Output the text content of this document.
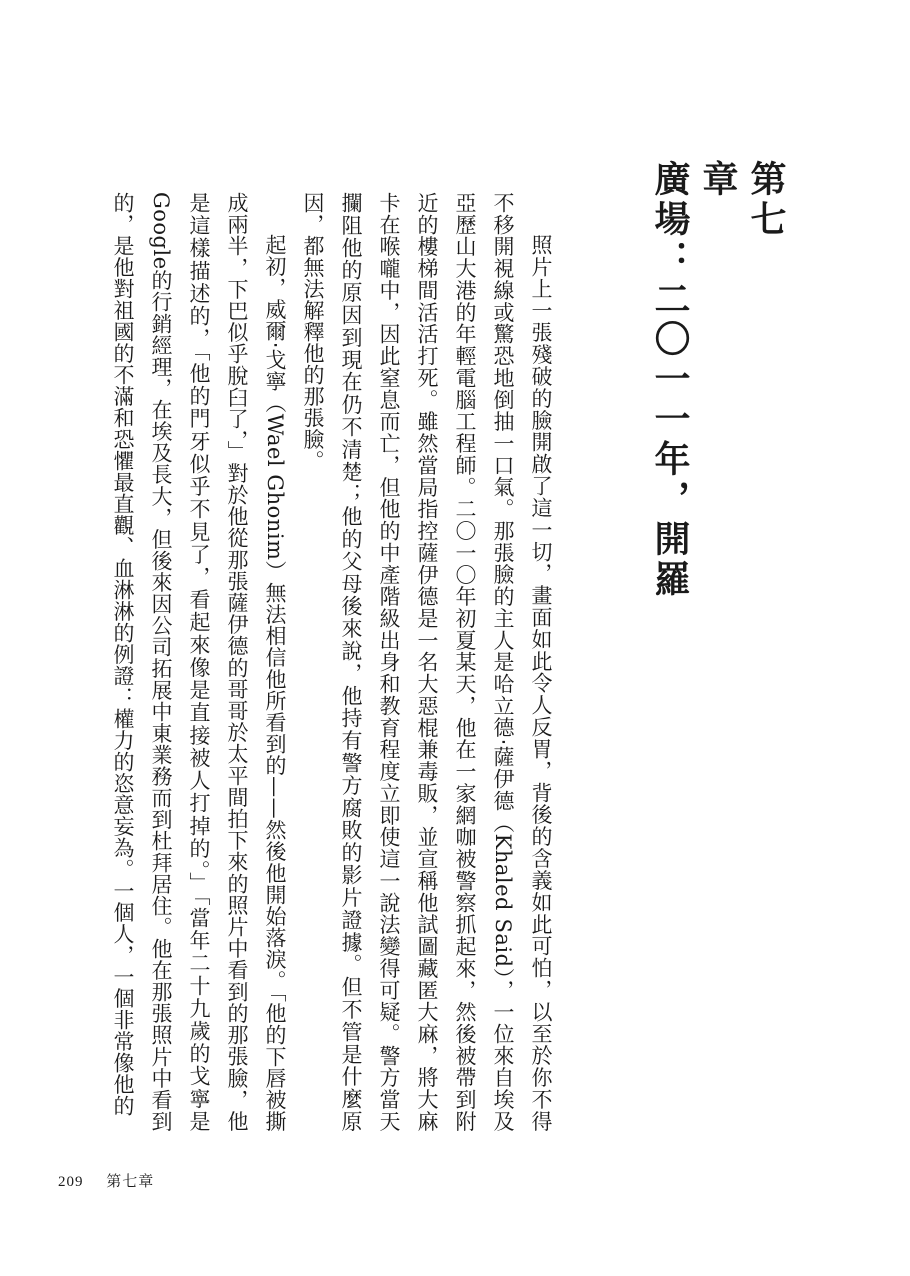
第七章
廣場：二〇一一年，開羅

照片上一張殘破的臉開啟了這一切，畫面如此令人反胃，背後的含義如此可怕，以至於你不得不移開視線或驚恐地倒抽一口氣。那張臉的主人是哈立德‧薩伊德（Khaled Said），一位來自埃及亞歷山大港的年輕電腦工程師。二〇一〇年初夏某天，他在一家網咖被警察抓起來，然後被帶到附近的樓梯間活活打死。雖然當局指控薩伊德是一名大惡棍兼毒販，並宣稱他試圖藏匿大麻，將大麻卡在喉嚨中，因此窒息而亡，但他的中產階級出身和教育程度立即使這一說法變得可疑。警方當天攔阻他的原因到現在仍不清楚；他的父母後來說，他持有警方腐敗的影片證據。但不管是什麼原因，都無法解釋他的那張臉。

起初，威爾‧戈寧（Wael Ghonim）無法相信他所看到的——然後他開始落淚。「他的下唇被撕成兩半，下巴似乎脫臼了，」對於他從那張薩伊德的哥哥於太平間拍下來的照片中看到的那張臉，他是這樣描述的，「他的門牙似乎不見了，看起來像是直接被人打掉的。」「當年二十九歲的戈寧是Google的行銷經理，在埃及長大，但後來因公司拓展中東業務而到杜拜居住。他在那張照片中看到的，是他對祖國的不滿和恐懼最直觀、血淋淋的例證：權力的恣意妄為。一個人，一個非常像他的

209 第七章
